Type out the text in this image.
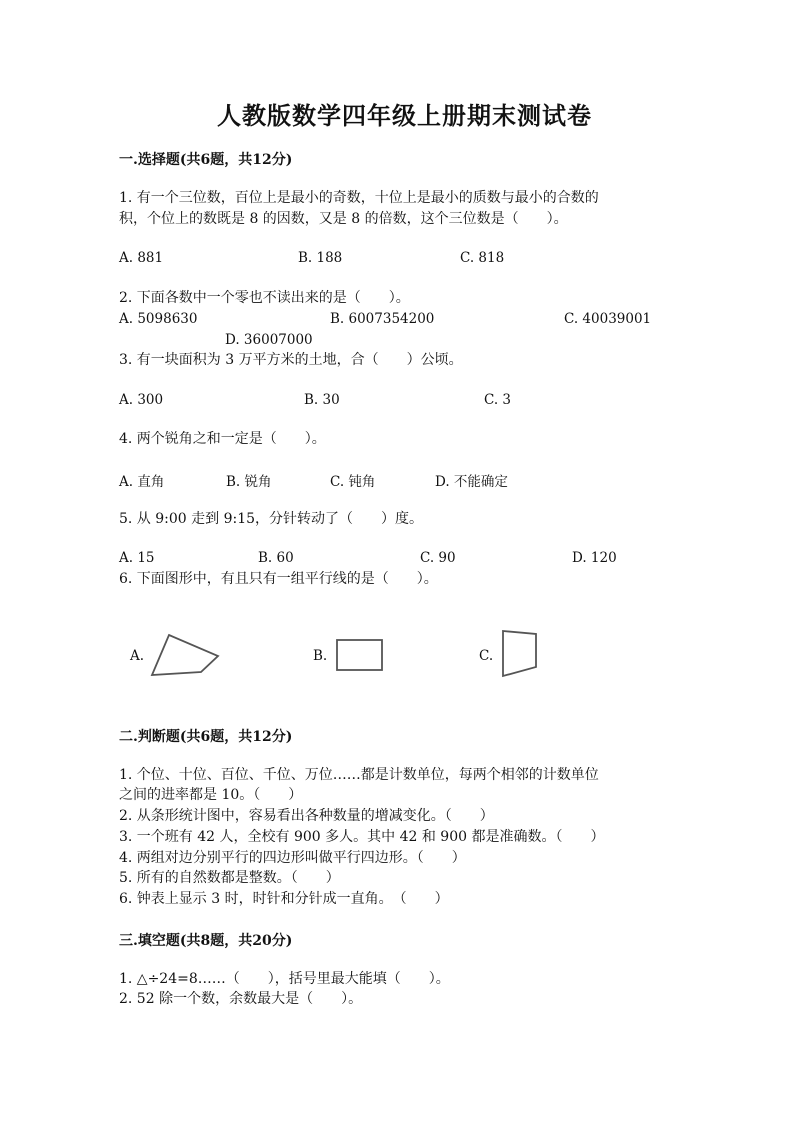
人教版数学四年级上册期末测试卷
一.选择题(共6题，共12分)
1. 有一个三位数，百位上是最小的奇数，十位上是最小的质数与最小的合数的
积，个位上的数既是 8 的因数，又是 8 的倍数，这个三位数是（　　）。
A. 881	B. 188	C. 818
2. 下面各数中一个零也不读出来的是（　　）。
A. 5098630	B. 6007354200	C. 40039001
D. 36007000
3. 有一块面积为 3 万平方米的土地，合（　　）公顷。
A. 300	B. 30	C. 3
4. 两个锐角之和一定是（　　）。
A. 直角	B. 锐角	C. 钝角	D. 不能确定
5. 从 9:00 走到 9:15，分针转动了（　　）度。
A. 15	B. 60	C. 90	D. 120
6. 下面图形中，有且只有一组平行线的是（　　）。
A.	B.	C.
二.判断题(共6题，共12分)
1. 个位、十位、百位、千位、万位……都是计数单位，每两个相邻的计数单位
之间的进率都是 10。（　　）
2. 从条形统计图中，容易看出各种数量的增减变化。（　　）
3. 一个班有 42 人，全校有 900 多人。其中 42 和 900 都是准确数。（　　）
4. 两组对边分别平行的四边形叫做平行四边形。（　　）
5. 所有的自然数都是整数。（　　）
6. 钟表上显示 3 时，时针和分针成一直角。　（　　）
三.填空题(共8题，共20分)
1. △÷24=8……（　　），括号里最大能填（　　）。
2. 52 除一个数，余数最大是（　　）。
